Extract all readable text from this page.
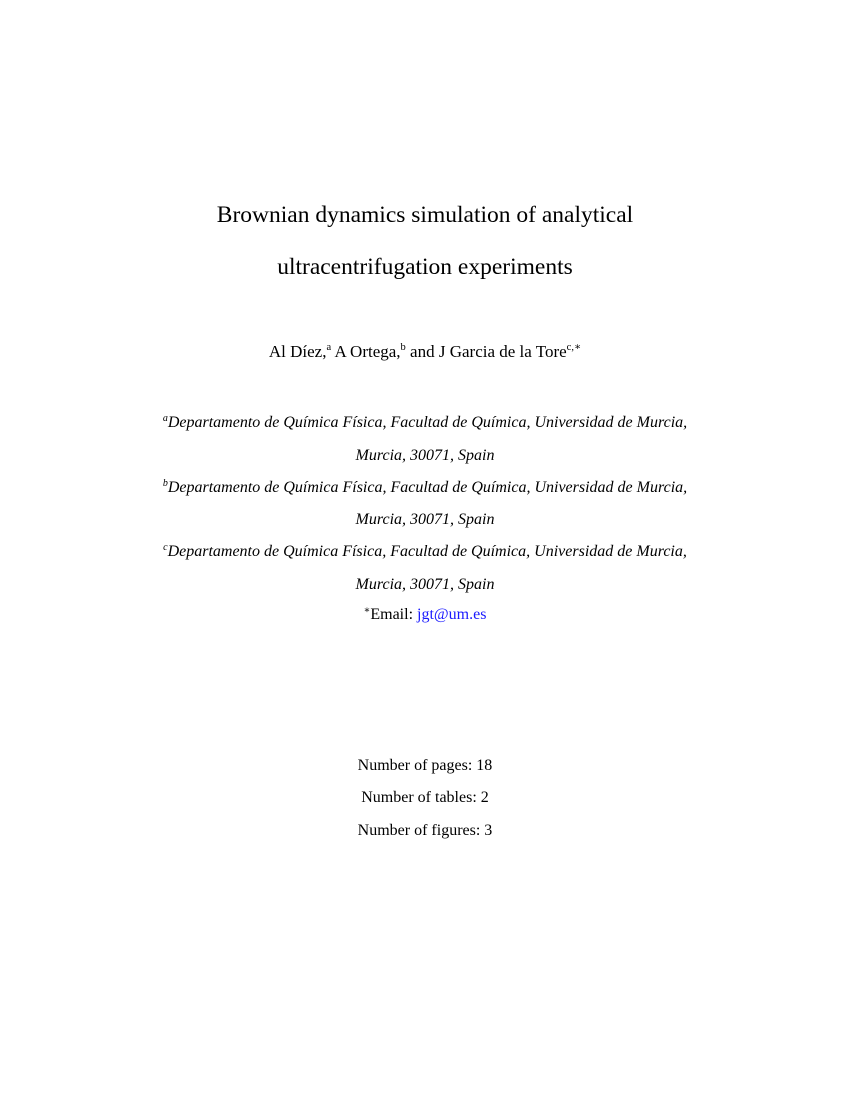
Brownian dynamics simulation of analytical
ultracentrifugation experiments
Al Díez,$^a$ A Ortega,$^b$ and J Garcia de la Tore$^{c,∗}$
$^a$Departamento de Química Física, Facultad de Química, Universidad de Murcia,
Murcia, 30071, Spain
$^b$Departamento de Química Física, Facultad de Química, Universidad de Murcia,
Murcia, 30071, Spain
$^c$Departamento de Química Física, Facultad de Química, Universidad de Murcia,
Murcia, 30071, Spain
∗Email: jgt@um.es
Number of pages: 18
Number of tables: 2
Number of figures: 3
